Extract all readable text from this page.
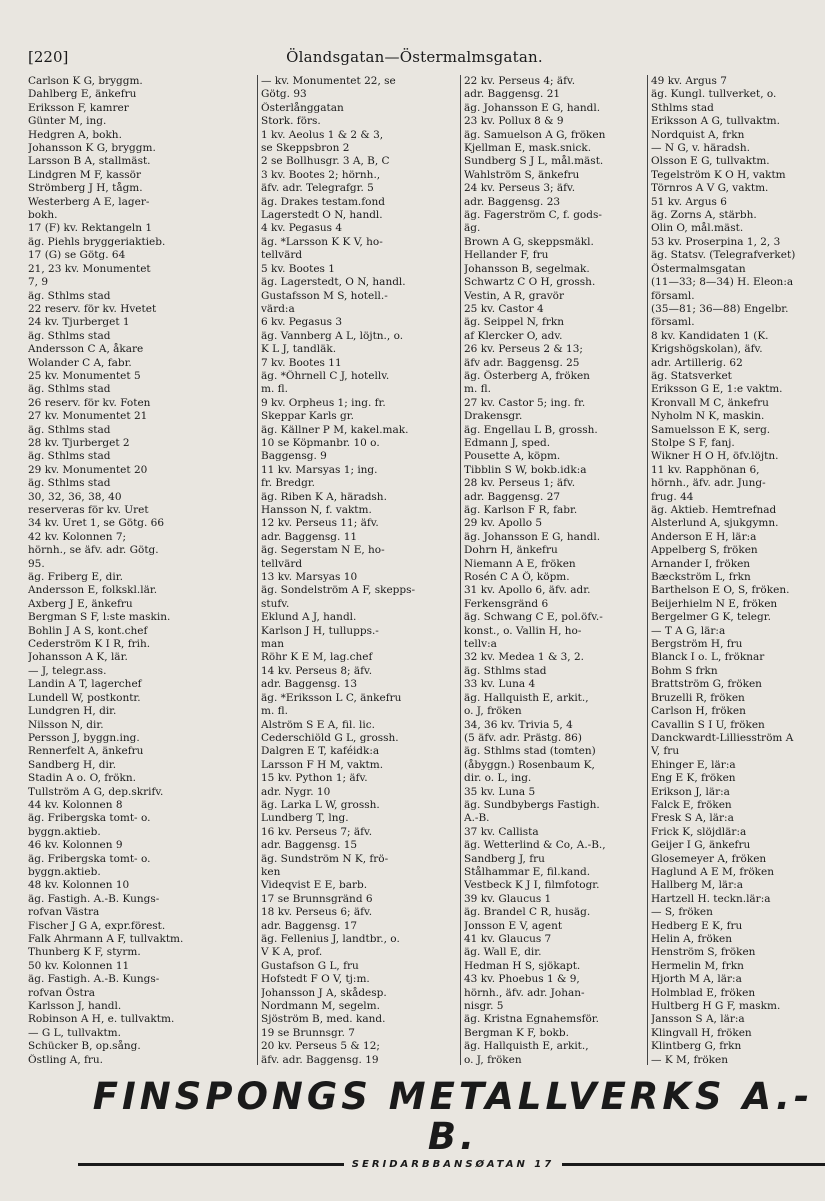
[220]	Ölandsgatan—Östermalmsgatan.
Carlson K G, bryggm.
Dahlberg E, änkefru
Eriksson F, kamrer
Günter M, ing.
Hedgren A, bokh.
Johansson K G, bryggm.
Larsson B A, stallmäst.
Lindgren M F, kassör
Strömberg J H, tågm.
Westerberg A E, lager-
bokh.
17 (F) kv. Rektangeln 1
äg. Piehls bryggeriaktieb.
17 (G) se Götg. 64
21, 23 kv. Monumentet
7, 9
äg. Sthlms stad
22 reserv. för kv. Hvetet
24 kv. Tjurberget 1
äg. Sthlms stad
Andersson C A, åkare
Wolander C A, fabr.
25 kv. Monumentet 5
äg. Sthlms stad
26 reserv. för kv. Foten
27 kv. Monumentet 21
äg. Sthlms stad
28 kv. Tjurberget 2
äg. Sthlms stad
29 kv. Monumentet 20
äg. Sthlms stad
30, 32, 36, 38, 40
reserveras för kv. Uret
34 kv. Uret 1, se Götg. 66
42 kv. Kolonnen 7;
hörnh., se äfv. adr. Götg.
95.
äg. Friberg E, dir.
Andersson E, folkskl.lär.
Axberg J E, änkefru
Bergman S F, l:ste maskin.
Bohlin J A S, kont.chef
Cederström K I R, frih.
Johansson A K, lär.
— J, telegr.ass.
Landin A T, lagerchef
Lundell W, postkontr.
Lundgren H, dir.
Nilsson N, dir.
Persson J, byggn.ing.
Rennerfelt A, änkefru
Sandberg H, dir.
Stadin A o. O, frökn.
Tullström A G, dep.skrifv.
44 kv. Kolonnen 8
äg. Fribergska tomt- o.
byggn.aktieb.
46 kv. Kolonnen 9
äg. Fribergska tomt- o.
byggn.aktieb.
48 kv. Kolonnen 10
äg. Fastigh. A.-B. Kungs-
rofvan Västra
Fischer J G A, expr.förest.
Falk Ahrmann A F, tullvaktm.
Thunberg K F, styrm.
50 kv. Kolonnen 11
äg. Fastigh. A.-B. Kungs-
rofvan Östra
Karlsson J, handl.
Robinson A H, e. tullvaktm.
— G L, tullvaktm.
Schücker B, op.sång.
Östling A, fru.
— kv. Monumentet 22, se
Götg. 93
Österlånggatan
Stork. förs.
1 kv. Aeolus 1 & 2 & 3,
se Skeppsbron 2
2 se Bollhusgr. 3 A, B, C
3 kv. Bootes 2; hörnh.,
äfv. adr. Telegrafgr. 5
äg. Drakes testam.fond
Lagerstedt O N, handl.
4 kv. Pegasus 4
äg. *Larsson K K V, ho-
tellvärd
5 kv. Bootes 1
äg. Lagerstedt, O N, handl.
Gustafsson M S, hotell.-
värd:a
6 kv. Pegasus 3
äg. Vannberg A L, löjtn., o.
K L J, tandläk.
7 kv. Bootes 11
äg. *Öhrnell C J, hotellv.
m. fl.
9 kv. Orpheus 1; ing. fr.
Skeppar Karls gr.
äg. Källner P M, kakel.mak.
10 se Köpmanbr. 10 o.
Baggensg. 9
11 kv. Marsyas 1; ing.
fr. Bredgr.
äg. Riben K A, häradsh.
Hansson N, f. vaktm.
12 kv. Perseus 11; äfv.
adr. Baggensg. 11
äg. Segerstam N E, ho-
tellvärd
13 kv. Marsyas 10
äg. Sondelström A F, skepps-
stufv.
Eklund A J, handl.
Karlson J H, tullupps.-
man
Röhr K E M, lag.chef
14 kv. Perseus 8; äfv.
adr. Baggensg. 13
äg. *Eriksson L C, änkefru
m. fl.
Alström S E A, fil. lic.
Cederschiöld G L, grossh.
Dalgren E T, kaféidk:a
Larsson F H M, vaktm.
15 kv. Python 1; äfv.
adr. Nygr. 10
äg. Larka L W, grossh.
Lundberg T, lng.
16 kv. Perseus 7; äfv.
adr. Baggensg. 15
äg. Sundström N K, frö-
ken
Videqvist E E, barb.
17 se Brunnsgränd 6
18 kv. Perseus 6; äfv.
adr. Baggensg. 17
äg. Fellenius J, landtbr., o.
V K A, prof.
Gustafson G L, fru
Hofstedt F O V, tj:m.
Johansson J A, skådesp.
Nordmann M, segelm.
Sjöström B, med. kand.
19 se Brunnsgr. 7
20 kv. Perseus 5 & 12;
äfv. adr. Baggensg. 19
22 kv. Perseus 4; äfv.
adr. Baggensg. 21
äg. Johansson E G, handl.
23 kv. Pollux 8 & 9
äg. Samuelson A G, fröken
Kjellman E, mask.snick.
Sundberg S J L, mål.mäst.
Wahlström S, änkefru
24 kv. Perseus 3; äfv.
adr. Baggensg. 23
äg. Fagerström C, f. gods-
äg.
Brown A G, skeppsmäkl.
Hellander F, fru
Johansson B, segelmak.
Schwartz C O H, grossh.
Vestin, A R, gravör
25 kv. Castor 4
äg. Seippel N, frkn
af Klercker O, adv.
26 kv. Perseus 2 & 13;
äfv adr. Baggensg. 25
äg. Österberg A, fröken
m. fl.
27 kv. Castor 5; ing. fr.
Drakensgr.
äg. Engellau L B, grossh.
Edmann J, sped.
Pousette A, köpm.
Tibblin S W, bokb.idk:a
28 kv. Perseus 1; äfv.
adr. Baggensg. 27
äg. Karlson F R, fabr.
29 kv. Apollo 5
äg. Johansson E G, handl.
Dohrn H, änkefru
Niemann A E, fröken
Rosén C A Ö, köpm.
31 kv. Apollo 6, äfv. adr.
Ferkensgränd 6
äg. Schwang C E, pol.öfv.-
konst., o. Vallin H, ho-
tellv:a
32 kv. Medea 1 & 3, 2.
äg. Sthlms stad
33 kv. Luna 4
äg. Hallquisth E, arkit.,
o. J, fröken
34, 36 kv. Trivia 5, 4
(5 äfv. adr. Prästg. 86)
äg. Sthlms stad (tomten)
(åbyggn.) Rosenbaum K,
dir. o. L, ing.
35 kv. Luna 5
äg. Sundbybergs Fastigh.
A.-B.
37 kv. Callista
äg. Wetterlind & Co, A.-B.,
Sandberg J, fru
Stålhammar E, fil.kand.
Vestbeck K J I, filmfotogr.
39 kv. Glaucus 1
äg. Brandel C R, husäg.
Jonsson E V, agent
41 kv. Glaucus 7
äg. Wall E, dir.
Hedman H S, sjökapt.
43 kv. Phoebus 1 & 9,
hörnh., äfv. adr. Johan-
nisgr. 5
äg. Kristna Egnahemsför.
Bergman K F, bokb.
äg. Hallquisth E, arkit.,
o. J, fröken
49 kv. Argus 7
äg. Kungl. tullverket, o.
Sthlms stad
Eriksson A G, tullvaktm.
Nordquist A, frkn
— N G, v. häradsh.
Olsson E G, tullvaktm.
Tegelström K O H, vaktm
Törnros A V G, vaktm.
51 kv. Argus 6
äg. Zorns A, stärbh.
Olin O, mål.mäst.
53 kv. Proserpina 1, 2, 3
äg. Statsv. (Telegrafverket)
Östermalmsgatan
(11—33; 8—34) H. Eleon:a
församl.
(35—81; 36—88) Engelbr.
församl.
8 kv. Kandidaten 1 (K.
Krigshögskolan), äfv.
adr. Artillerig. 62
äg. Statsverket
Eriksson G E, 1:e vaktm.
Kronvall M C, änkefru
Nyholm N K, maskin.
Samuelsson E K, serg.
Stolpe S F, fanj.
Wikner H O H, öfv.löjtn.
11 kv. Rapphönan 6,
hörnh., äfv. adr. Jung-
frug. 44
äg. Aktieb. Hemtrefnad
Alsterlund A, sjukgymn.
Anderson E H, lär:a
Appelberg S, fröken
Arnander I, fröken
Bæckström L, frkn
Barthelson E O, S, fröken.
Beijerhielm N E, fröken
Bergelmer G K, telegr.
— T A G, lär:a
Bergström H, fru
Blanck I o. L, fröknar
Bohm S frkn
Brattström G, fröken
Bruzelli R, fröken
Carlson H, fröken
Cavallin S I U, fröken
Danckwardt-Lilliesström A
V, fru
Ehinger E, lär:a
Eng E K, fröken
Erikson J, lär:a
Falck E, fröken
Fresk S A, lär:a
Frick K, slöjdlär:a
Geijer I G, änkefru
Glosemeyer A, fröken
Haglund A E M, fröken
Hallberg M, lär:a
Hartzell H. teckn.lär:a
— S, fröken
Hedberg E K, fru
Helin A, fröken
Henström S, fröken
Hermelin M, frkn
Hjorth M A, lär:a
Holmblad E, fröken
Hultberg H G F, maskm.
Jansson S A, lär:a
Klingvall H, fröken
Klintberg G, frkn
— K M, fröken
FINSPONGS METALLVERKS A.-B.
SERIDARBBANSØATAN 17
